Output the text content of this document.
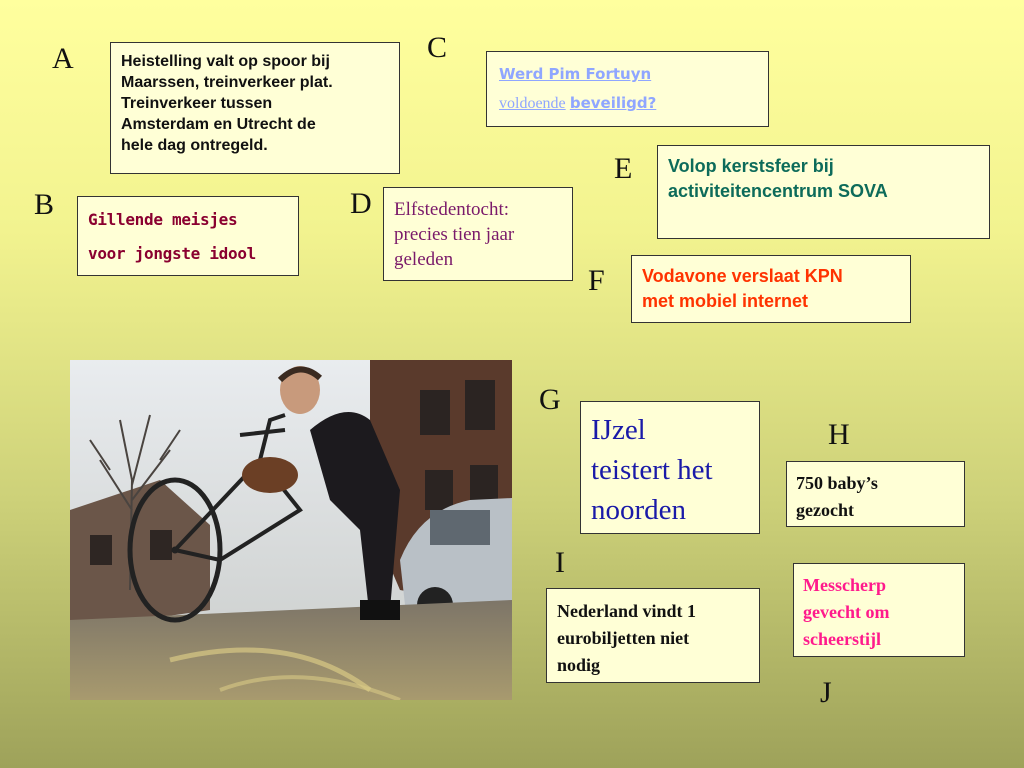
A
B
C
D
E
F
G
H
I
J
Heistelling valt op spoor bij
Maarssen, treinverkeer plat.
Treinverkeer tussen
Amsterdam en Utrecht de
hele dag ontregeld.
Gillende meisjes
voor jongste idool
Werd Pim Fortuyn
voldoende beveiligd?
Elfstedentocht:
precies tien jaar
geleden
Volop kerstsfeer bij
activiteitencentrum SOVA
Vodavone verslaat KPN
met mobiel internet
IJzel
teistert het
noorden
750 baby’s
gezocht
Nederland vindt 1
eurobiljetten niet
nodig
Messcherp
gevecht om
scheerstijl
